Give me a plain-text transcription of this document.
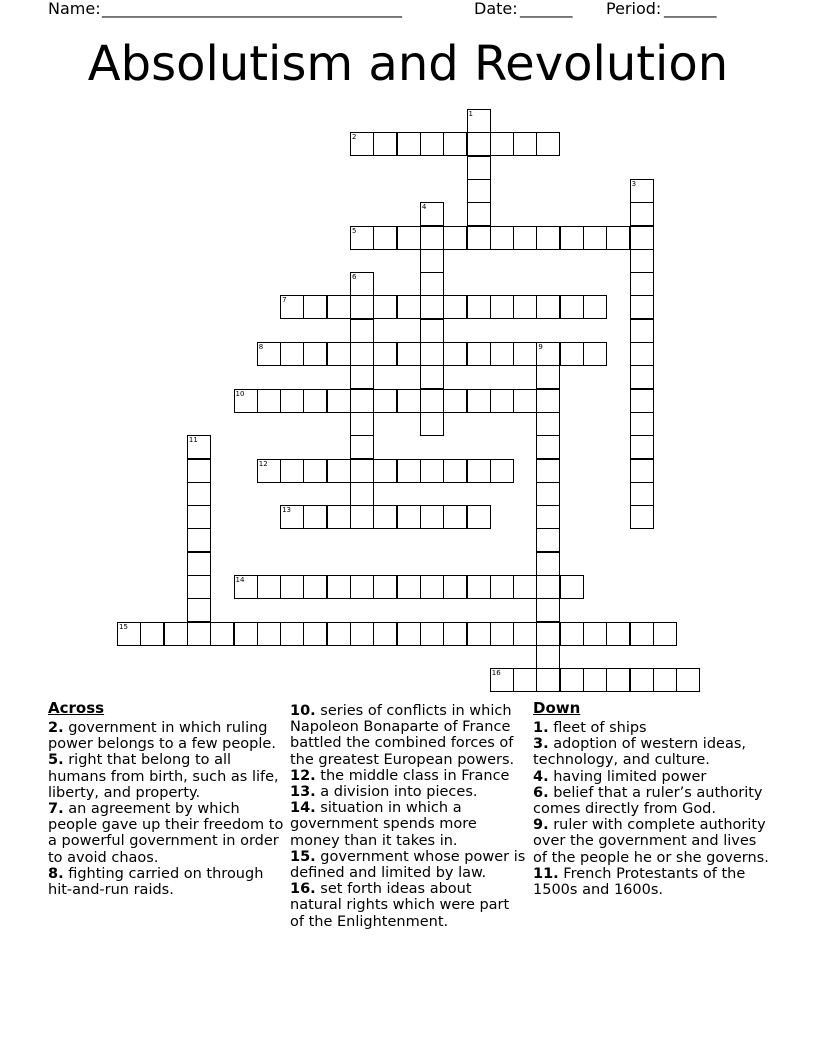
Name: ________________________________________	Date: _______ Period: _______
Absolutism and Revolution
1
2
3
4
5
6
7
8	9
10
11
12
13
14
15
16
Across
2. government in which ruling power belongs to a few people.
5. right that belong to all humans from birth, such as life, liberty, and property.
7. an agreement by which people gave up their freedom to a powerful government in order to avoid chaos.
8. fighting carried on through hit-and-run raids.
10. series of conflicts in which Napoleon Bonaparte of France battled the combined forces of the greatest European powers.
12. the middle class in France
13. a division into pieces.
14. situation in which a government spends more money than it takes in.
15. government whose power is defined and limited by law.
16. set forth ideas about natural rights which were part of the Enlightenment.
Down
1. fleet of ships
3. adoption of western ideas, technology, and culture.
4. having limited power
6. belief that a ruler’s authority comes directly from God.
9. ruler with complete authority over the government and lives of the people he or she governs.
11. French Protestants of the 1500s and 1600s.
